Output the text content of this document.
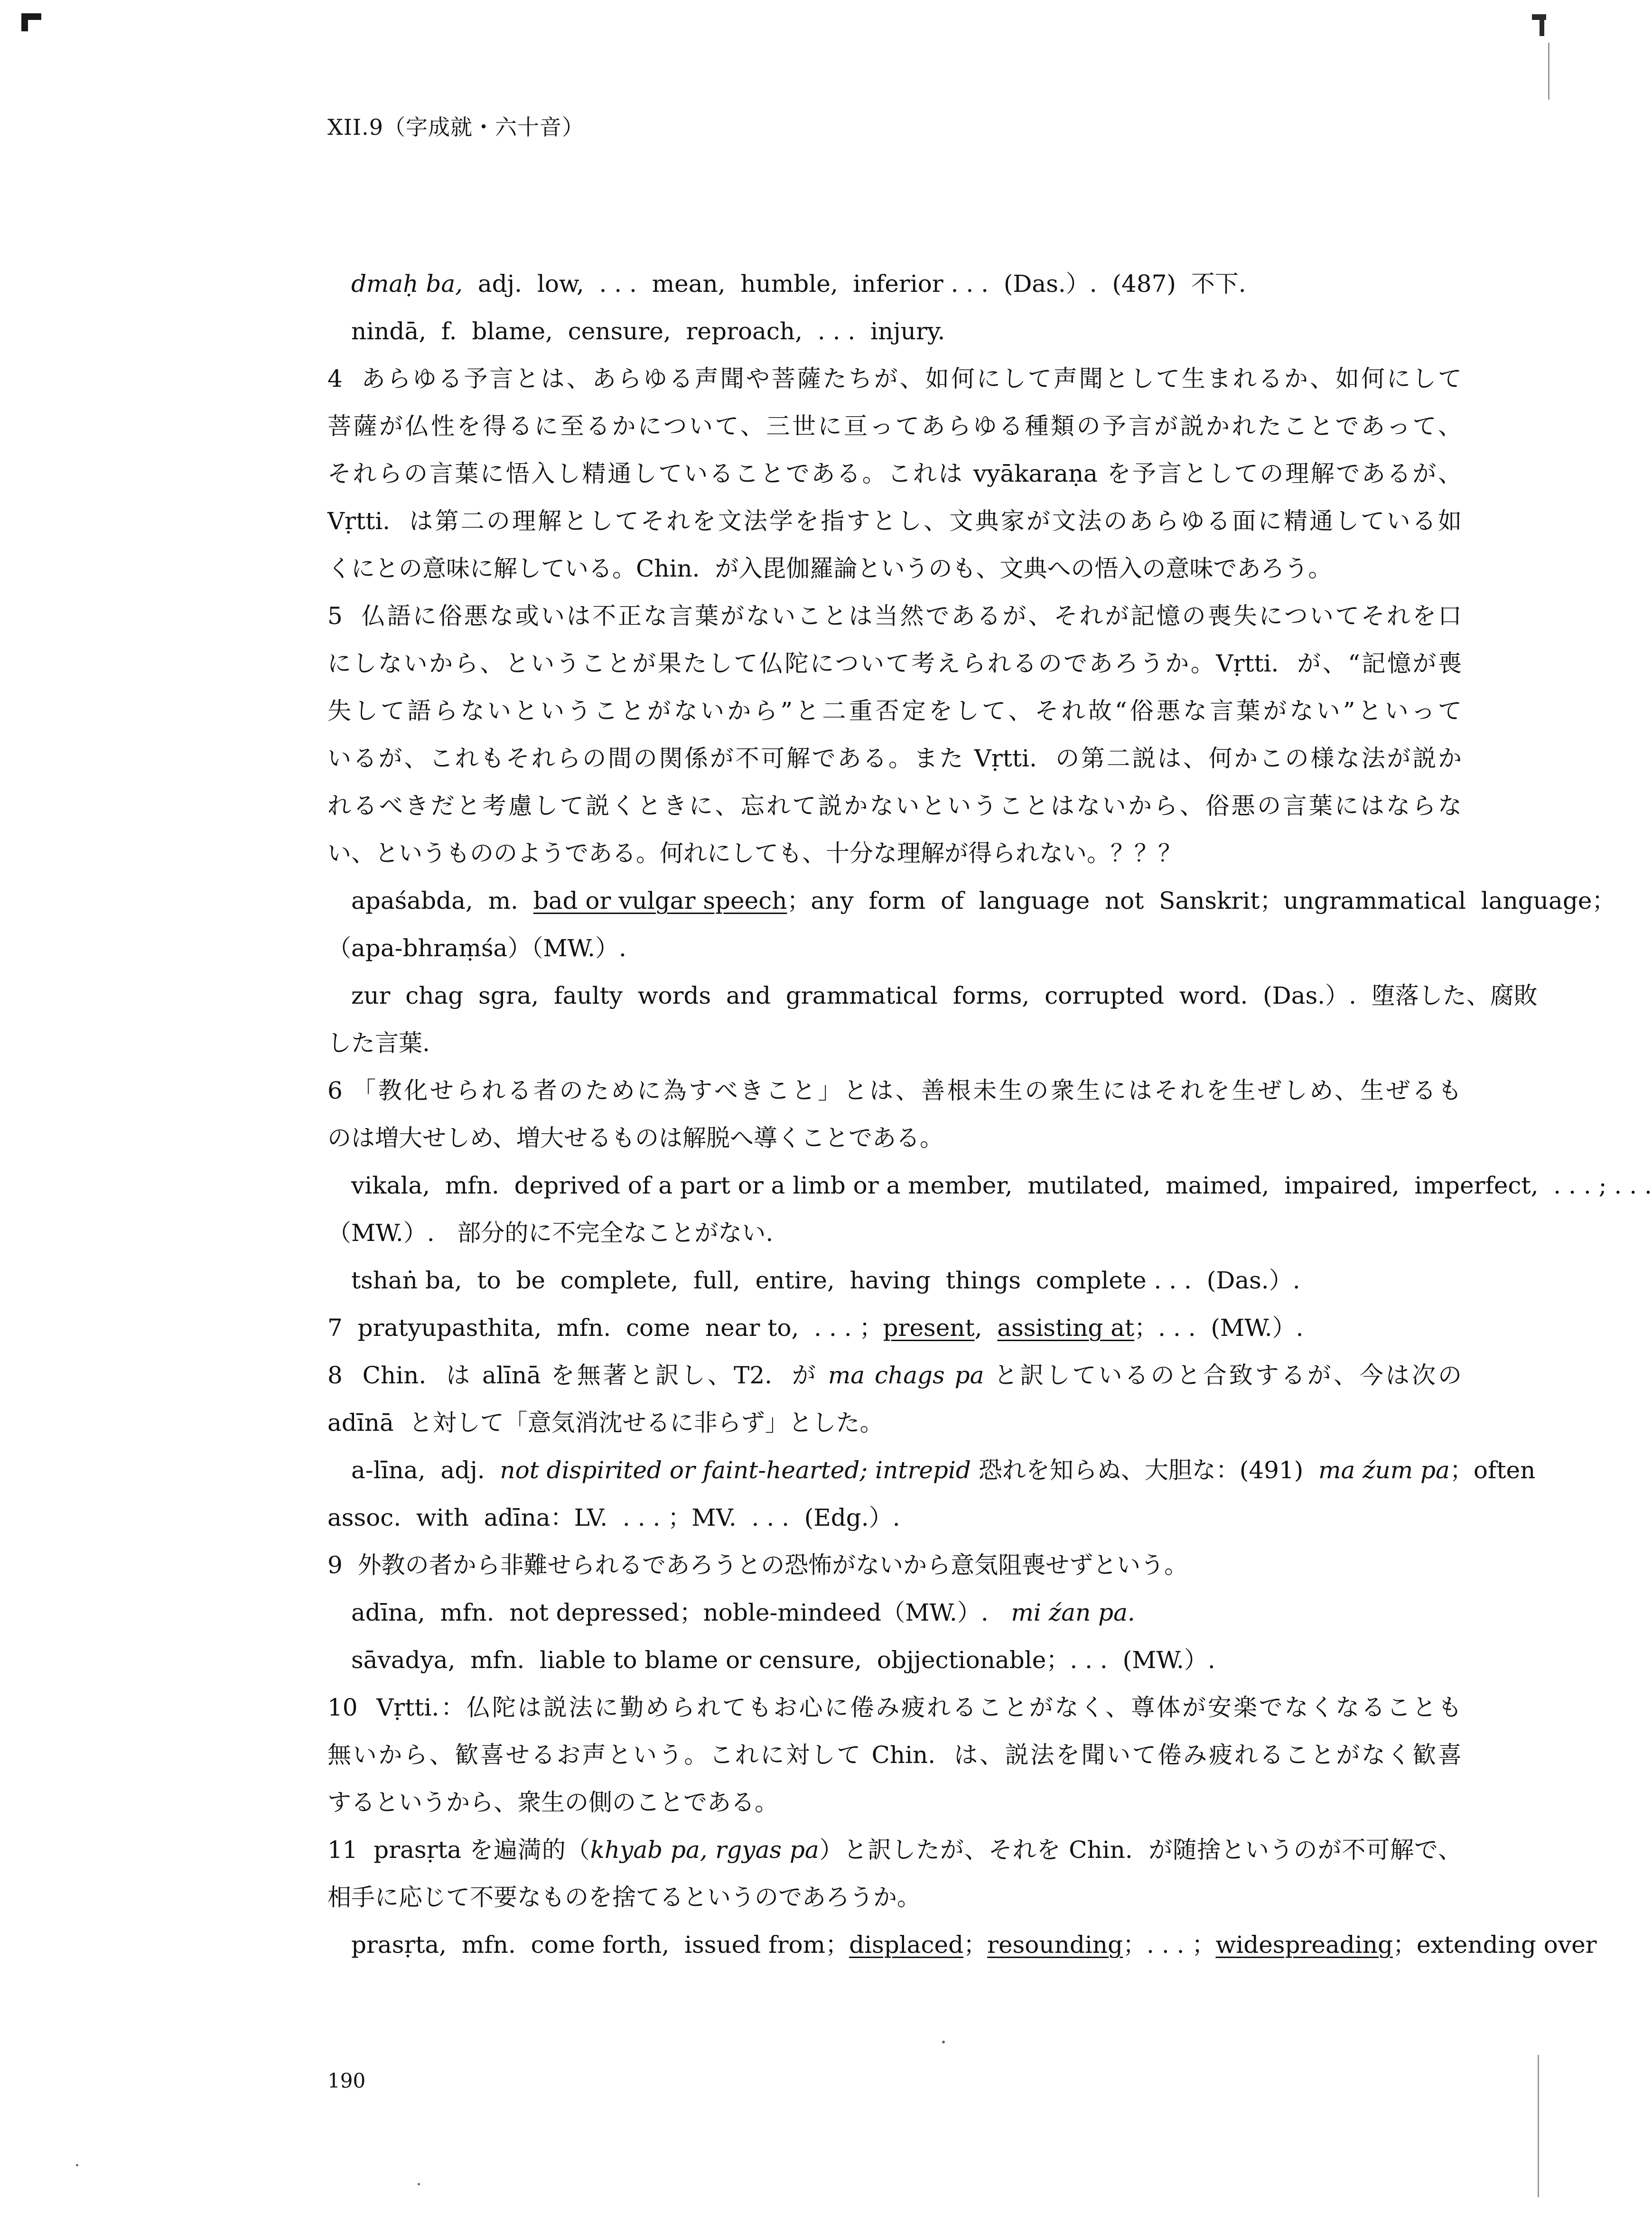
XII.9（字成就・六十音）
dmaḥ ba,  adj.  low,  . . .  mean,  humble,  inferior . . .  (Das.）.  (487)  不下.
nindā,  f.  blame,  censure,  reproach,  . . .  injury.
4  あらゆる予言とは、あらゆる声聞や菩薩たちが、如何にして声聞として生まれるか、如何にして
菩薩が仏性を得るに至るかについて、三世に亘ってあらゆる種類の予言が説かれたことであって、
それらの言葉に悟入し精通していることである。これは vyākaraṇa を予言としての理解であるが、
Vṛtti.  は第二の理解としてそれを文法学を指すとし、文典家が文法のあらゆる面に精通している如
くにとの意味に解している。Chin.  が入毘伽羅論というのも、文典への悟入の意味であろう。
5  仏語に俗悪な或いは不正な言葉がないことは当然であるが、それが記憶の喪失についてそれを口
にしないから、ということが果たして仏陀について考えられるのであろうか。Vṛtti.  が、“記憶が喪
失して語らないということがないから”と二重否定をして、それ故“俗悪な言葉がない”といって
いるが、これもそれらの間の関係が不可解である。また Vṛtti.  の第二説は、何かこの様な法が説か
れるべきだと考慮して説くときに、忘れて説かないということはないから、俗悪の言葉にはならな
い、というもののようである。何れにしても、十分な理解が得られない。？？？
apaśabda,  m.  bad or vulgar speech；any  form  of  language  not  Sanskrit；ungrammatical  language；
（apa-bhraṃśa）（MW.）.
zur  chag  sgra,  faulty  words  and  grammatical  forms,  corrupted  word.  (Das.）.  堕落した、腐敗
した言葉.
6 「教化せられる者のために為すべきこと」とは、善根未生の衆生にはそれを生ぜしめ、生ぜるも
のは増大せしめ、増大せるものは解脱へ導くことである。
vikala,  mfn.  deprived of a part or a limb or a member,  mutilated,  maimed,  impaired,  imperfect,  . . . ; . . .
（MW.）.   部分的に不完全なことがない.
tshaṅ ba,  to  be  complete,  full,  entire,  having  things  complete . . .  (Das.）.
7  pratyupasthita,  mfn.  come  near to,  . . . ；present,  assisting at；. . .  (MW.）.
8  Chin.  は alīnā を無著と訳し、T2.  が ma chags pa と訳しているのと合致するが、今は次の
adīnā  と対して「意気消沈せるに非らず」とした。
a-līna,  adj.  not dispirited or faint-hearted; intrepid 恐れを知らぬ、大胆な：(491)  ma źum pa；often
assoc.  with  adīna：LV.  . . . ；MV.  . . .  (Edg.）.
9  外教の者から非難せられるであろうとの恐怖がないから意気阻喪せずという。
adīna,  mfn.  not depressed；noble-mindeed（MW.）.   mi źan pa.
sāvadya,  mfn.  liable to blame or censure,  objjectionable；. . .  (MW.）.
10  Vṛtti.：仏陀は説法に勤められてもお心に倦み疲れることがなく、尊体が安楽でなくなることも
無いから、歓喜せるお声という。これに対して Chin.  は、説法を聞いて倦み疲れることがなく歓喜
するというから、衆生の側のことである。
11  prasṛta を遍満的（khyab pa, rgyas pa）と訳したが、それを Chin.  が随捨というのが不可解で、
相手に応じて不要なものを捨てるというのであろうか。
prasṛta,  mfn.  come forth,  issued from；displaced；resounding；. . . ；widespreading；extending over
190
